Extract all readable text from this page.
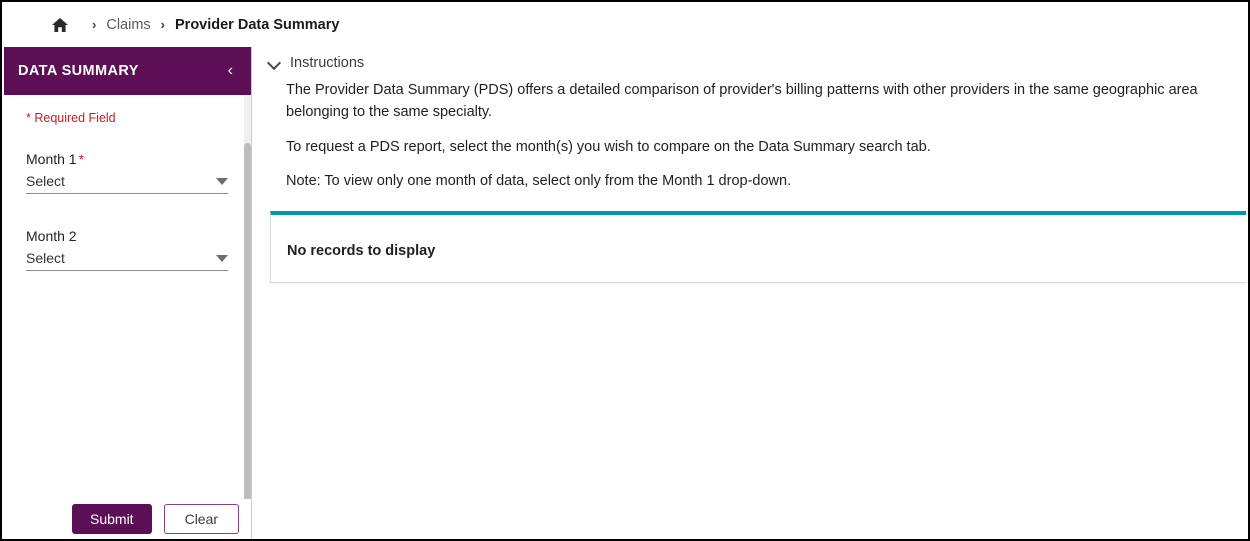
› Claims › Provider Data Summary
DATA SUMMARY	‹
* Required Field
Month 1 *
Select
Month 2
Select
Submit	Clear
Instructions

The Provider Data Summary (PDS) offers a detailed comparison of provider's billing patterns with other providers in the same geographic area belonging to the same specialty.

To request a PDS report, select the month(s) you wish to compare on the Data Summary search tab.

Note: To view only one month of data, select only from the Month 1 drop-down.

No records to display
